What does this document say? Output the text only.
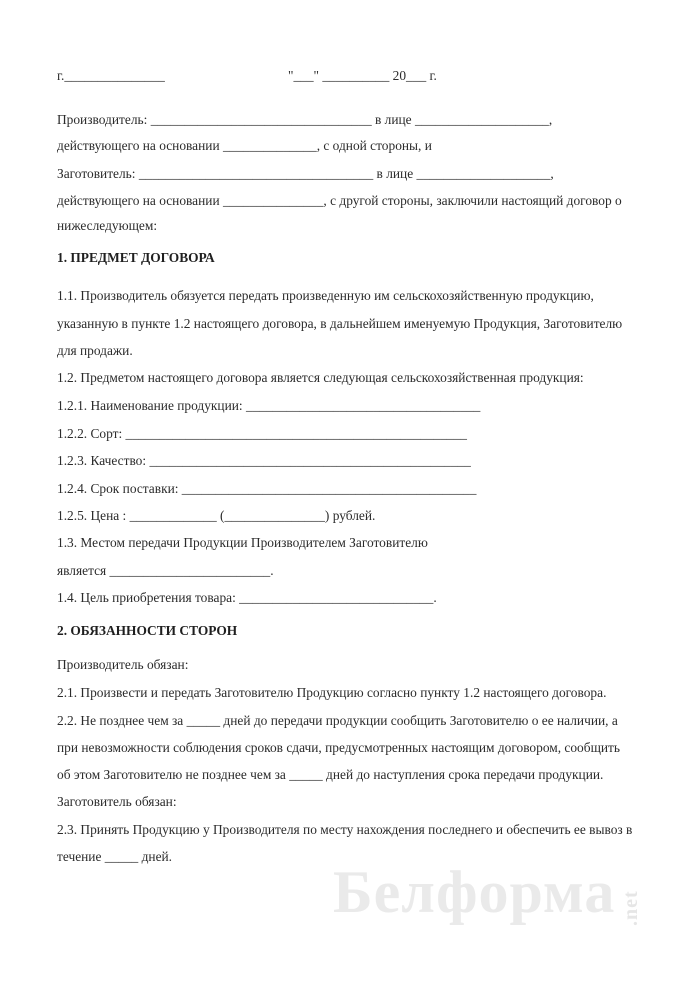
г._______________	"___" __________ 20___ г.
Производитель: _________________________________ в лице ____________________,
действующего на основании ______________, с одной стороны, и
Заготовитель: ___________________________________ в лице ____________________,
действующего на основании _______________, с другой стороны, заключили настоящий договор о
нижеследующем:
1. ПРЕДМЕТ ДОГОВОРА
1.1. Производитель обязуется передать произведенную им сельскохозяйственную продукцию,
указанную в пункте 1.2 настоящего договора, в дальнейшем именуемую Продукция, Заготовителю
для продажи.
1.2. Предметом настоящего договора является следующая сельскохозяйственная продукция:
1.2.1. Наименование продукции: ___________________________________
1.2.2. Сорт: ___________________________________________________
1.2.3. Качество: ________________________________________________
1.2.4. Срок поставки: ____________________________________________
1.2.5. Цена : _____________ (_______________) рублей.
1.3. Местом передачи Продукции Производителем Заготовителю
является ________________________.
1.4. Цель приобретения товара: _____________________________.
2. ОБЯЗАННОСТИ СТОРОН
Производитель обязан:
2.1. Произвести и передать Заготовителю Продукцию согласно пункту 1.2 настоящего договора.
2.2. Не позднее чем за _____ дней до передачи продукции сообщить Заготовителю о ее наличии, а
при невозможности соблюдения сроков сдачи, предусмотренных настоящим договором, сообщить
об этом Заготовителю не позднее чем за _____ дней до наступления срока передачи продукции.
Заготовитель обязан:
2.3. Принять Продукцию у Производителя по месту нахождения последнего и обеспечить ее вывоз в
течение _____ дней.
Белформа .net
